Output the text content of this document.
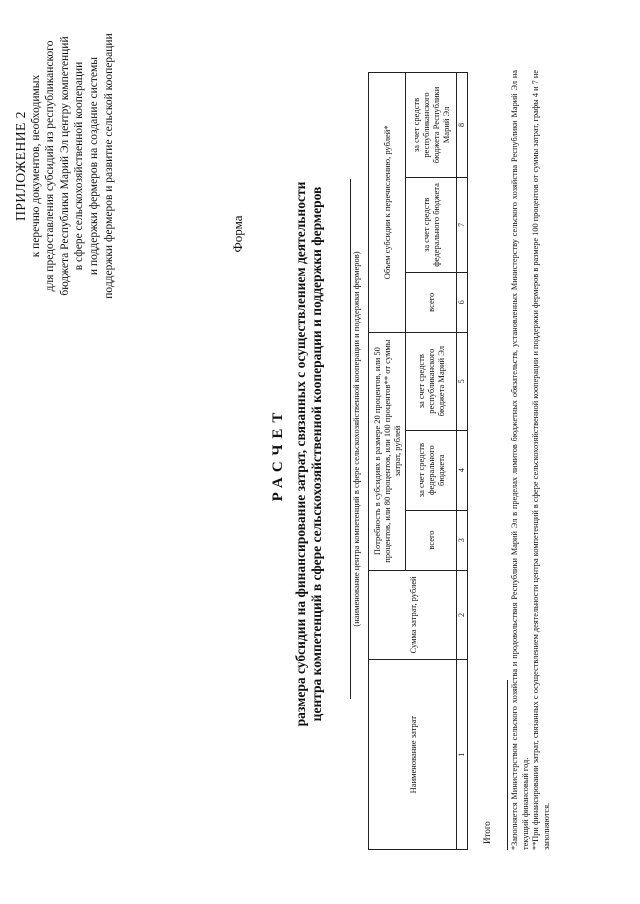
ПРИЛОЖЕНИЕ 2 к перечню документов, необходимых для предоставления субсидий из республиканского бюджета Республики Марий Эл центру компетенций в сфере сельскохозяйственной кооперации и поддержки фермеров на создание системы поддержки фермеров и развитие сельской кооперации	Форма
РАСЧЕТ размера субсидии на финансирование затрат, связанных с осуществлением деятельности центра компетенций в сфере сельскохозяйственной кооперации и поддержки фермеров	(наименование центра компетенций в сфере сельскохозяйственной кооперации и поддержки фермеров)
Наименование затрат	Сумма затрат, рублей	Потребность в субсидиях в размере 20 процентов, или 50 процентов, или 80 процентов, или 100 процентов** от суммы затрат, рублей			Объем субсидии к перечислению, рублей*		
		всего	за счет средств федерального бюджета	за счет средств республиканского бюджета Марий Эл	всего	за счет средств федерального бюджета	за счет средств республиканского бюджета Республики Марий Эл
1	2	3	4	5	6	7	8
Итого *Заполняется Министерством сельского хозяйства и продовольствия Республики Марий Эл в пределах лимитов бюджетных обязательств, установленных Министерству сельского хозяйства Республики Марий Эл на текущий финансовый год. **При финансировании затрат, связанных с осуществлением деятельности центра компетенций в сфере сельскохозяйственной кооперации и поддержки фермеров в размере 100 процентов от суммы затрат, графы 4 и 7 не заполняются.
